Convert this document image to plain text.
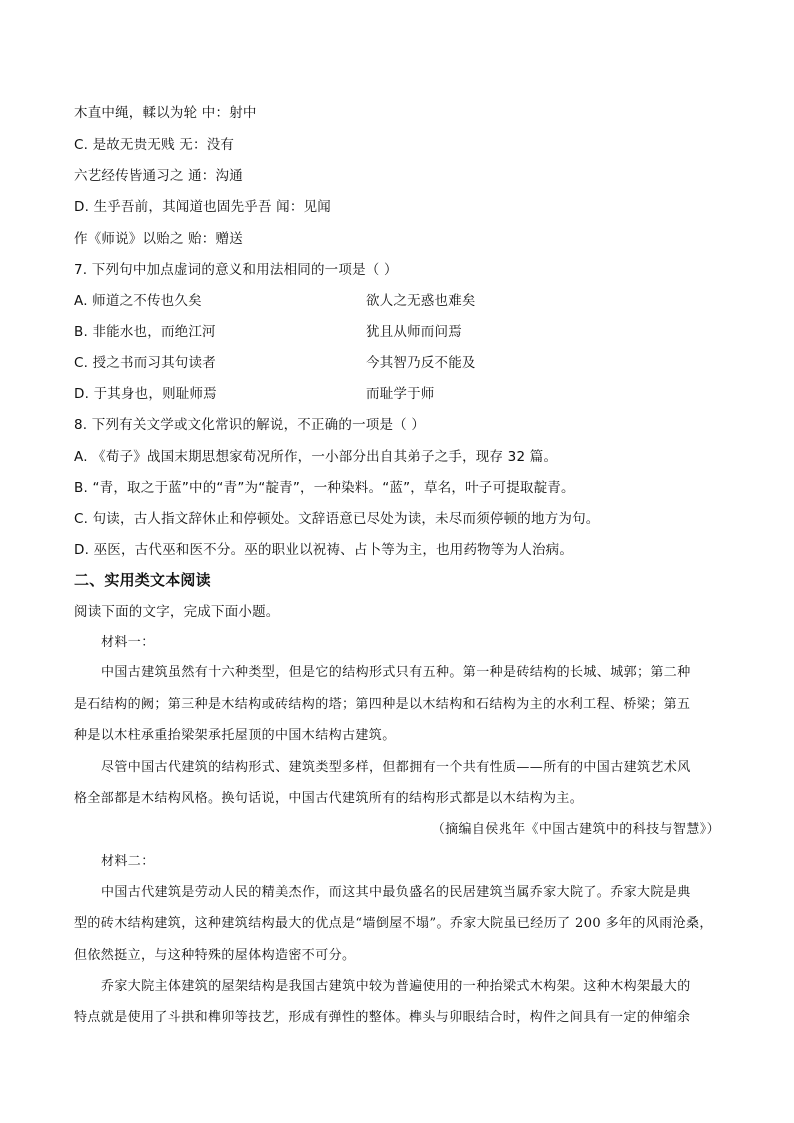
木直中绳，輮以为轮 中：射中
C. 是故无贵无贱 无：没有
六艺经传皆通习之 通：沟通
D. 生乎吾前，其闻道也固先乎吾 闻：见闻
作《师说》以贻之 贻：赠送
7. 下列句中加点虚词的意义和用法相同的一项是（ ）
A. 师道之不传也久矣	欲人之无惑也难矣
B. 非能水也，而绝江河	犹且从师而问焉
C. 授之书而习其句读者	今其智乃反不能及
D. 于其身也，则耻师焉	而耻学于师
8. 下列有关文学或文化常识的解说，不正确的一项是（ ）
A. 《荀子》战国末期思想家荀况所作，一小部分出自其弟子之手，现存 32 篇。
B. “青，取之于蓝”中的“青”为“靛青”，一种染料。“蓝”，草名，叶子可提取靛青。
C. 句读，古人指文辞休止和停顿处。文辞语意已尽处为读，未尽而须停顿的地方为句。
D. 巫医，古代巫和医不分。巫的职业以祝祷、占卜等为主，也用药物等为人治病。
二、实用类文本阅读
阅读下面的文字，完成下面小题。
材料一：
中国古建筑虽然有十六种类型，但是它的结构形式只有五种。第一种是砖结构的长城、城郭；第二种
是石结构的阙；第三种是木结构或砖结构的塔；第四种是以木结构和石结构为主的水利工程、桥梁；第五
种是以木柱承重抬梁架承托屋顶的中国木结构古建筑。
尽管中国古代建筑的结构形式、建筑类型多样，但都拥有一个共有性质——所有的中国古建筑艺术风
格全部都是木结构风格。换句话说，中国古代建筑所有的结构形式都是以木结构为主。
（摘编自侯兆年《中国古建筑中的科技与智慧》）
材料二：
中国古代建筑是劳动人民的精美杰作，而这其中最负盛名的民居建筑当属乔家大院了。乔家大院是典
型的砖木结构建筑，这种建筑结构最大的优点是“墙倒屋不塌”。乔家大院虽已经历了 200 多年的风雨沧桑，
但依然挺立，与这种特殊的屋体构造密不可分。
乔家大院主体建筑的屋架结构是我国古建筑中较为普遍使用的一种抬梁式木构架。这种木构架最大的
特点就是使用了斗拱和榫卯等技艺，形成有弹性的整体。榫头与卯眼结合时，构件之间具有一定的伸缩余
